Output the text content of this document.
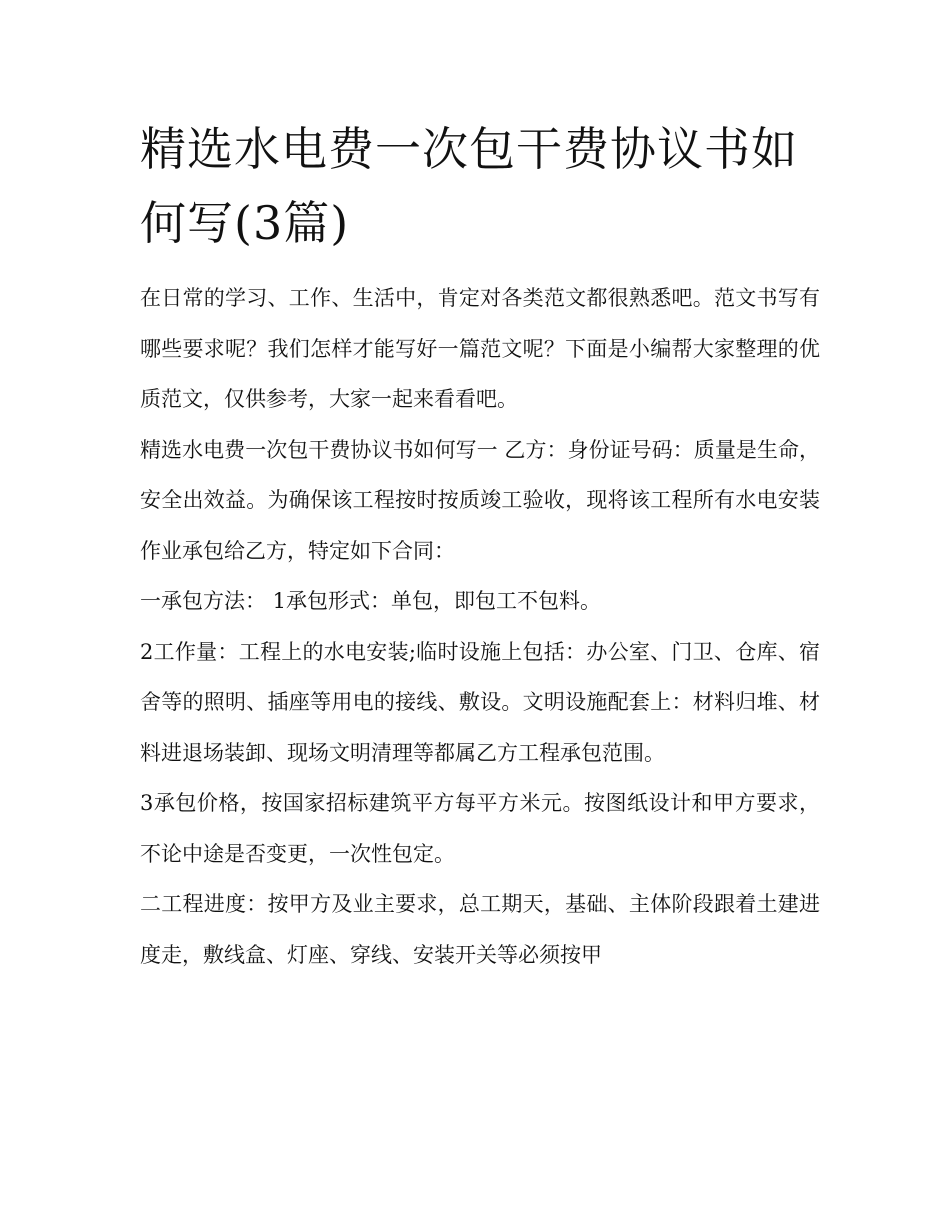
精选水电费一次包干费协议书如何写(3篇)

在日常的学习、工作、生活中，肯定对各类范文都很熟悉吧。范文书写有哪些要求呢？我们怎样才能写好一篇范文呢？下面是小编帮大家整理的优质范文，仅供参考，大家一起来看看吧。

精选水电费一次包干费协议书如何写一 乙方：身份证号码：质量是生命，安全出效益。为确保该工程按时按质竣工验收，现将该工程所有水电安装作业承包给乙方，特定如下合同：

一承包方法： 1承包形式：单包，即包工不包料。

2工作量：工程上的水电安装;临时设施上包括：办公室、门卫、仓库、宿舍等的照明、插座等用电的接线、敷设。文明设施配套上：材料归堆、材料进退场装卸、现场文明清理等都属乙方工程承包范围。

3承包价格，按国家招标建筑平方每平方米元。按图纸设计和甲方要求，不论中途是否变更，一次性包定。

二工程进度：按甲方及业主要求，总工期天，基础、主体阶段跟着土建进度走，敷线盒、灯座、穿线、安装开关等必须按甲
